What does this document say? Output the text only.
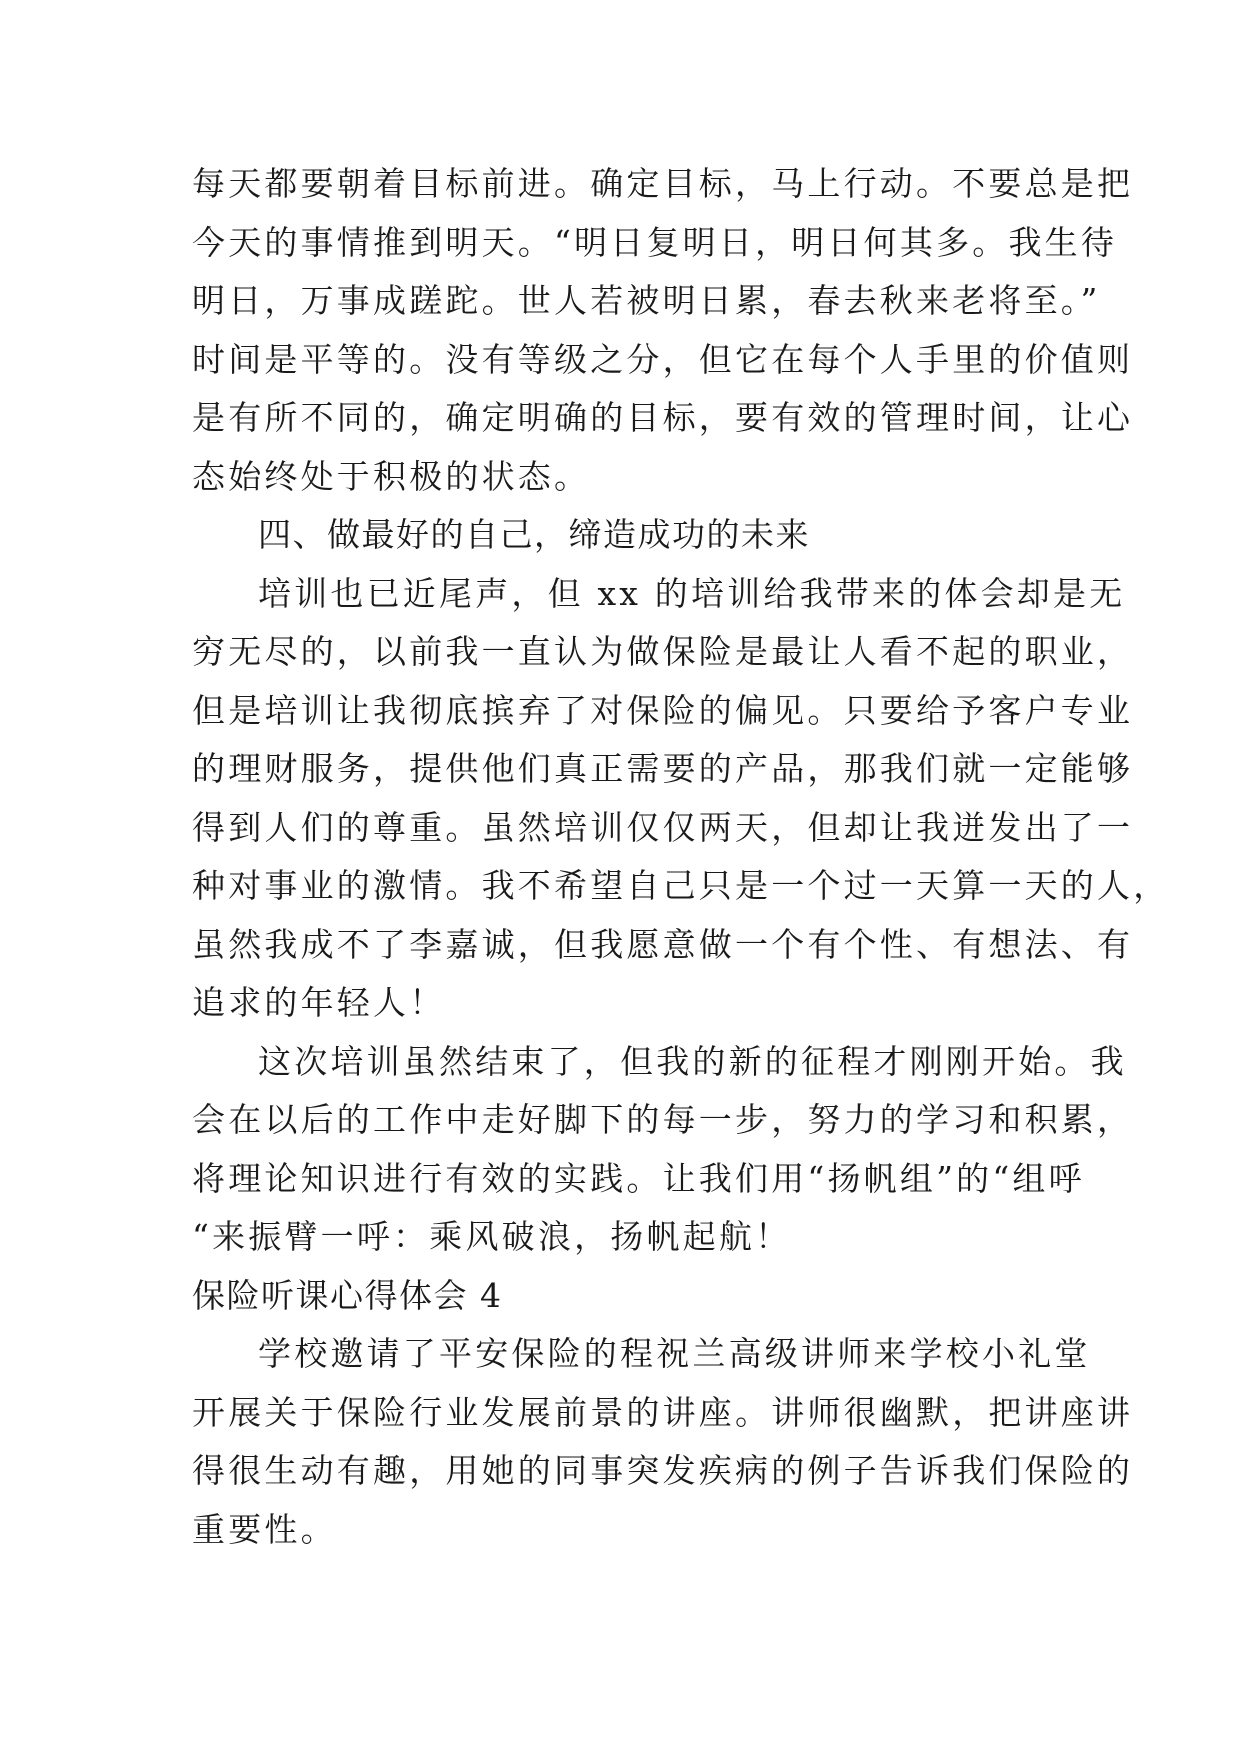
每天都要朝着目标前进。确定目标，马上行动。不要总是把
今天的事情推到明天。“明日复明日，明日何其多。我生待
明日，万事成蹉跎。世人若被明日累，春去秋来老将至。”
时间是平等的。没有等级之分，但它在每个人手里的价值则
是有所不同的，确定明确的目标，要有效的管理时间，让心
态始终处于积极的状态。
四、做最好的自己，缔造成功的未来
培训也已近尾声，但 xx 的培训给我带来的体会却是无
穷无尽的，以前我一直认为做保险是最让人看不起的职业，
但是培训让我彻底摈弃了对保险的偏见。只要给予客户专业
的理财服务，提供他们真正需要的产品，那我们就一定能够
得到人们的尊重。虽然培训仅仅两天，但却让我迸发出了一
种对事业的激情。我不希望自己只是一个过一天算一天的人，
虽然我成不了李嘉诚，但我愿意做一个有个性、有想法、有
追求的年轻人！
这次培训虽然结束了，但我的新的征程才刚刚开始。我
会在以后的工作中走好脚下的每一步，努力的学习和积累，
将理论知识进行有效的实践。让我们用“扬帆组”的“组呼
“来振臂一呼：乘风破浪，扬帆起航！
保险听课心得体会 4
学校邀请了平安保险的程祝兰高级讲师来学校小礼堂
开展关于保险行业发展前景的讲座。讲师很幽默，把讲座讲
得很生动有趣，用她的同事突发疾病的例子告诉我们保险的
重要性。
